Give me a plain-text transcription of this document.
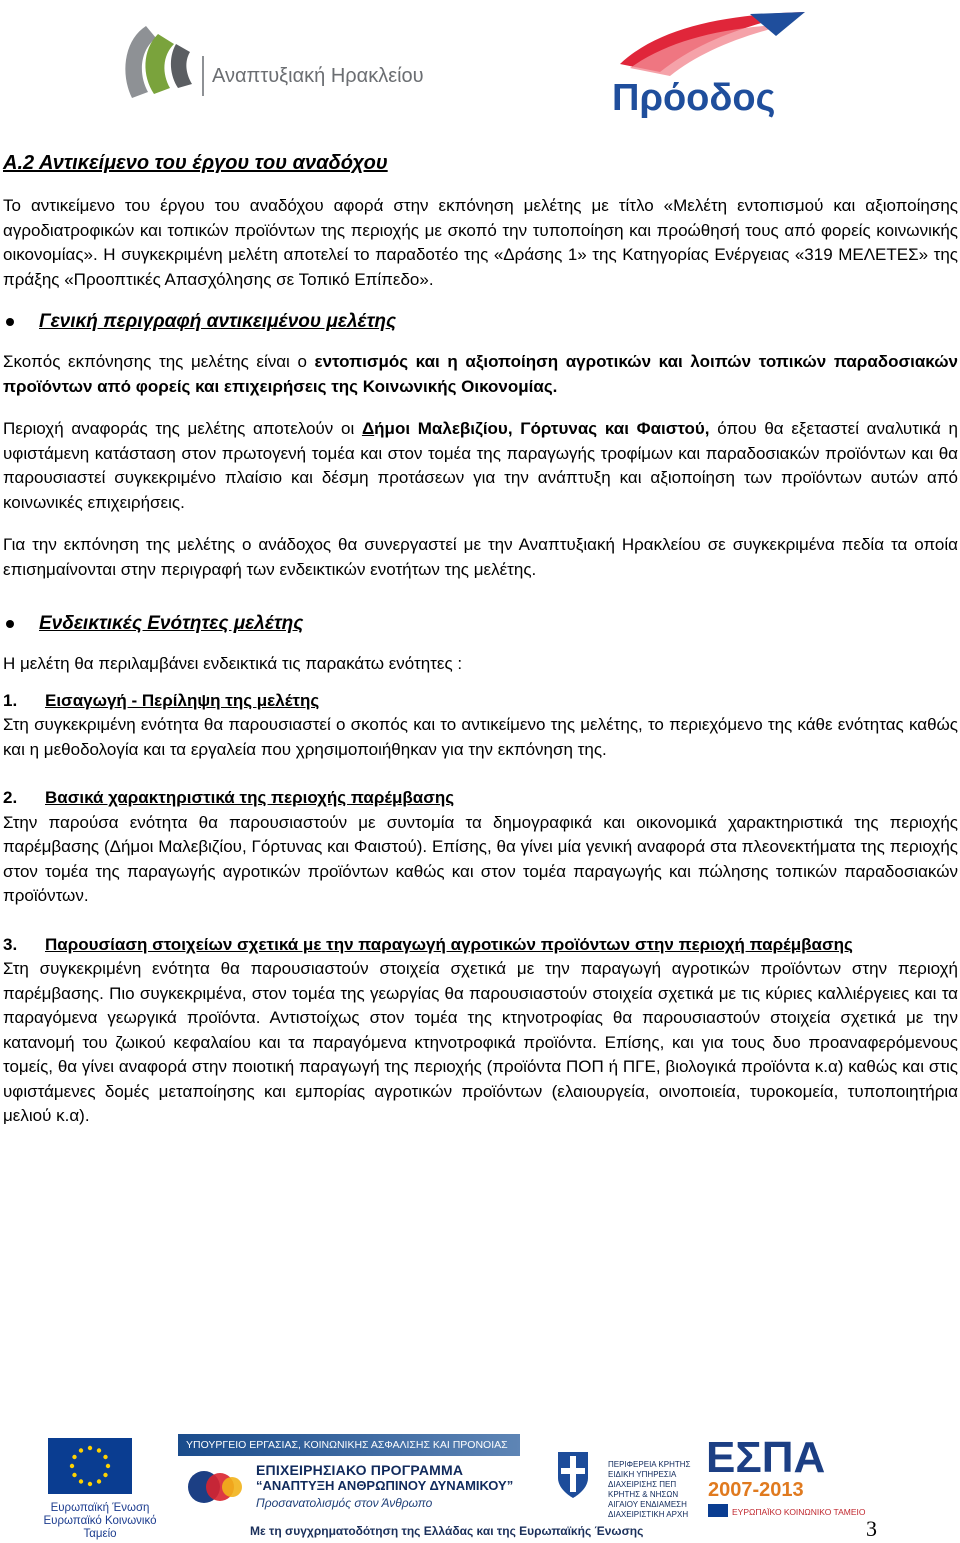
Αναπτυξιακή Ηρακλείου
Πρόοδος
Α.2 Αντικείμενο του έργου του αναδόχου

Το αντικείμενο του έργου του αναδόχου αφορά στην εκπόνηση μελέτης με τίτλο «Μελέτη εντοπισμού και αξιοποίησης αγροδιατροφικών και τοπικών προϊόντων της περιοχής με σκοπό την τυποποίηση και προώθησή τους από φορείς κοινωνικής οικονομίας». Η συγκεκριμένη μελέτη αποτελεί το παραδοτέο της «Δράσης 1» της Κατηγορίας Ενέργειας «319 ΜΕΛΕΤΕΣ» της πράξης «Προοπτικές Απασχόλησης σε Τοπικό Επίπεδο».

Γενική περιγραφή αντικειμένου μελέτης

Σκοπός εκπόνησης της μελέτης είναι ο εντοπισμός και η αξιοποίηση αγροτικών και λοιπών τοπικών παραδοσιακών προϊόντων από φορείς και επιχειρήσεις της Κοινωνικής Οικονομίας.

Περιοχή αναφοράς της μελέτης αποτελούν οι Δήμοι Μαλεβιζίου, Γόρτυνας και Φαιστού, όπου θα εξεταστεί αναλυτικά η υφιστάμενη κατάσταση στον πρωτογενή τομέα και στον τομέα της παραγωγής τροφίμων και παραδοσιακών προϊόντων και θα παρουσιαστεί συγκεκριμένο πλαίσιο και δέσμη προτάσεων για την ανάπτυξη και αξιοποίηση των προϊόντων αυτών από κοινωνικές επιχειρήσεις.

Για την εκπόνηση της μελέτης ο ανάδοχος θα συνεργαστεί με την Αναπτυξιακή Ηρακλείου σε συγκεκριμένα πεδία τα οποία επισημαίνονται στην περιγραφή των ενδεικτικών ενοτήτων της μελέτης.

Ενδεικτικές Ενότητες μελέτης

Η μελέτη θα περιλαμβάνει ενδεικτικά τις παρακάτω ενότητες :

1. Εισαγωγή - Περίληψη της μελέτης

Στη συγκεκριμένη ενότητα θα παρουσιαστεί ο σκοπός και το αντικείμενο της μελέτης, το περιεχόμενο της κάθε ενότητας καθώς και η μεθοδολογία και τα εργαλεία που χρησιμοποιήθηκαν για την εκπόνηση της.

2. Βασικά χαρακτηριστικά της περιοχής παρέμβασης

Στην παρούσα ενότητα θα παρουσιαστούν με συντομία τα δημογραφικά και οικονομικά χαρακτηριστικά της περιοχής παρέμβασης (Δήμοι Μαλεβιζίου, Γόρτυνας και Φαιστού). Επίσης, θα γίνει μία γενική αναφορά στα πλεονεκτήματα της περιοχής στον τομέα της παραγωγής αγροτικών προϊόντων καθώς και στον τομέα παραγωγής και πώλησης τοπικών παραδοσιακών προϊόντων.

3. Παρουσίαση στοιχείων σχετικά με την παραγωγή αγροτικών προϊόντων στην περιοχή παρέμβασης

Στη συγκεκριμένη ενότητα θα παρουσιαστούν στοιχεία σχετικά με την παραγωγή αγροτικών προϊόντων στην περιοχή παρέμβασης. Πιο συγκεκριμένα, στον τομέα της γεωργίας θα παρουσιαστούν στοιχεία σχετικά με τις κύριες καλλιέργειες και τα παραγόμενα γεωργικά προϊόντα. Αντιστοίχως στον τομέα της κτηνοτροφίας θα παρουσιαστούν στοιχεία σχετικά με την κατανομή του ζωικού κεφαλαίου και τα παραγόμενα κτηνοτροφικά προϊόντα. Επίσης, και για τους δυο προαναφερόμενους τομείς, θα γίνει αναφορά στην ποιοτική παραγωγή της περιοχής (προϊόντα ΠΟΠ ή ΠΓΕ, βιολογικά προϊόντα κ.α) καθώς και στις υφιστάμενες δομές μεταποίησης και εμπορίας αγροτικών προϊόντων (ελαιουργεία, οινοποιεία, τυροκομεία, τυποποιητήρια μελιού κ.α).

Ευρωπαϊκή Ένωση Ευρωπαϊκό Κοινωνικό Ταμείο
ΥΠΟΥΡΓΕΙΟ ΕΡΓΑΣΙΑΣ, ΚΟΙΝΩΝΙΚΗΣ ΑΣΦΑΛΙΣΗΣ ΚΑΙ ΠΡΟΝΟΙΑΣ
ΕΠΙΧΕΙΡΗΣΙΑΚΟ ΠΡΟΓΡΑΜΜΑ
“ΑΝΑΠΤΥΞΗ ΑΝΘΡΩΠΙΝΟΥ ΔΥΝΑΜΙΚΟΥ”
Προσανατολισμός στον Άνθρωπο
ΠΕΡΙΦΕΡΕΙΑ ΚΡΗΤΗΣ ΕΙΔΙΚΗ ΥΠΗΡΕΣΙΑ ΔΙΑΧΕΙΡΙΣΗΣ ΠΕΠ ΚΡΗΤΗΣ & ΝΗΣΩΝ ΑΙΓΑΙΟΥ ΕΝΔΙΑΜΕΣΗ ΔΙΑΧΕΙΡΙΣΤΙΚΗ ΑΡΧΗ
ΕΣΠΑ
2007-2013
ΕΥΡΩΠΑΪΚΟ ΚΟΙΝΩΝΙΚΟ ΤΑΜΕΙΟ
Με τη συγχρηματοδότηση της Ελλάδας και της Ευρωπαϊκής Ένωσης	3
